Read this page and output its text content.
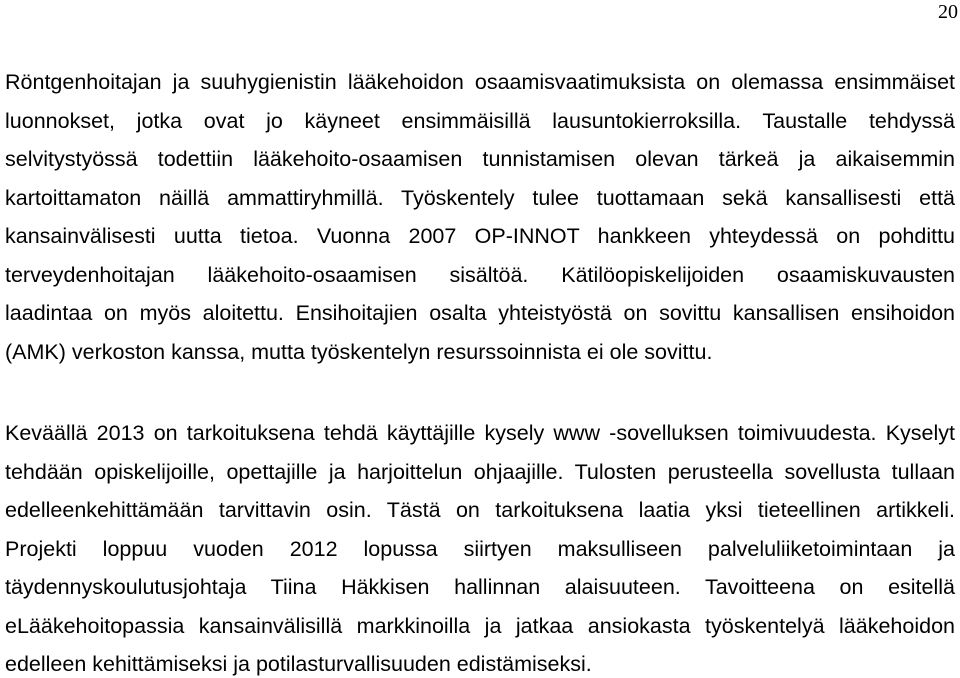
20
Röntgenhoitajan ja suuhygienistin lääkehoidon osaamisvaatimuksista on olemassa ensimmäiset
luonnokset, jotka ovat jo käyneet ensimmäisillä lausuntokierroksilla. Taustalle tehdyssä
selvitystyössä todettiin lääkehoito-osaamisen tunnistamisen olevan tärkeä ja aikaisemmin
kartoittamaton näillä ammattiryhmillä. Työskentely tulee tuottamaan sekä kansallisesti että
kansainvälisesti uutta tietoa. Vuonna 2007 OP-INNOT hankkeen yhteydessä on pohdittu
terveydenhoitajan lääkehoito-osaamisen sisältöä. Kätilöopiskelijoiden osaamiskuvausten
laadintaa on myös aloitettu. Ensihoitajien osalta yhteistyöstä on sovittu kansallisen ensihoidon
(AMK) verkoston kanssa, mutta työskentelyn resurssoinnista ei ole sovittu.
Keväällä 2013 on tarkoituksena tehdä käyttäjille kysely www -sovelluksen toimivuudesta. Kyselyt
tehdään opiskelijoille, opettajille ja harjoittelun ohjaajille. Tulosten perusteella sovellusta tullaan
edelleenkehittämään tarvittavin osin. Tästä on tarkoituksena laatia yksi tieteellinen artikkeli.
Projekti loppuu vuoden 2012 lopussa siirtyen maksulliseen palveluliiketoimintaan ja
täydennyskoulutusjohtaja Tiina Häkkisen hallinnan alaisuuteen. Tavoitteena on esitellä
eLääkehoitopassia kansainvälisillä markkinoilla ja jatkaa ansiokasta työskentelyä lääkehoidon
edelleen kehittämiseksi ja potilasturvallisuuden edistämiseksi.
